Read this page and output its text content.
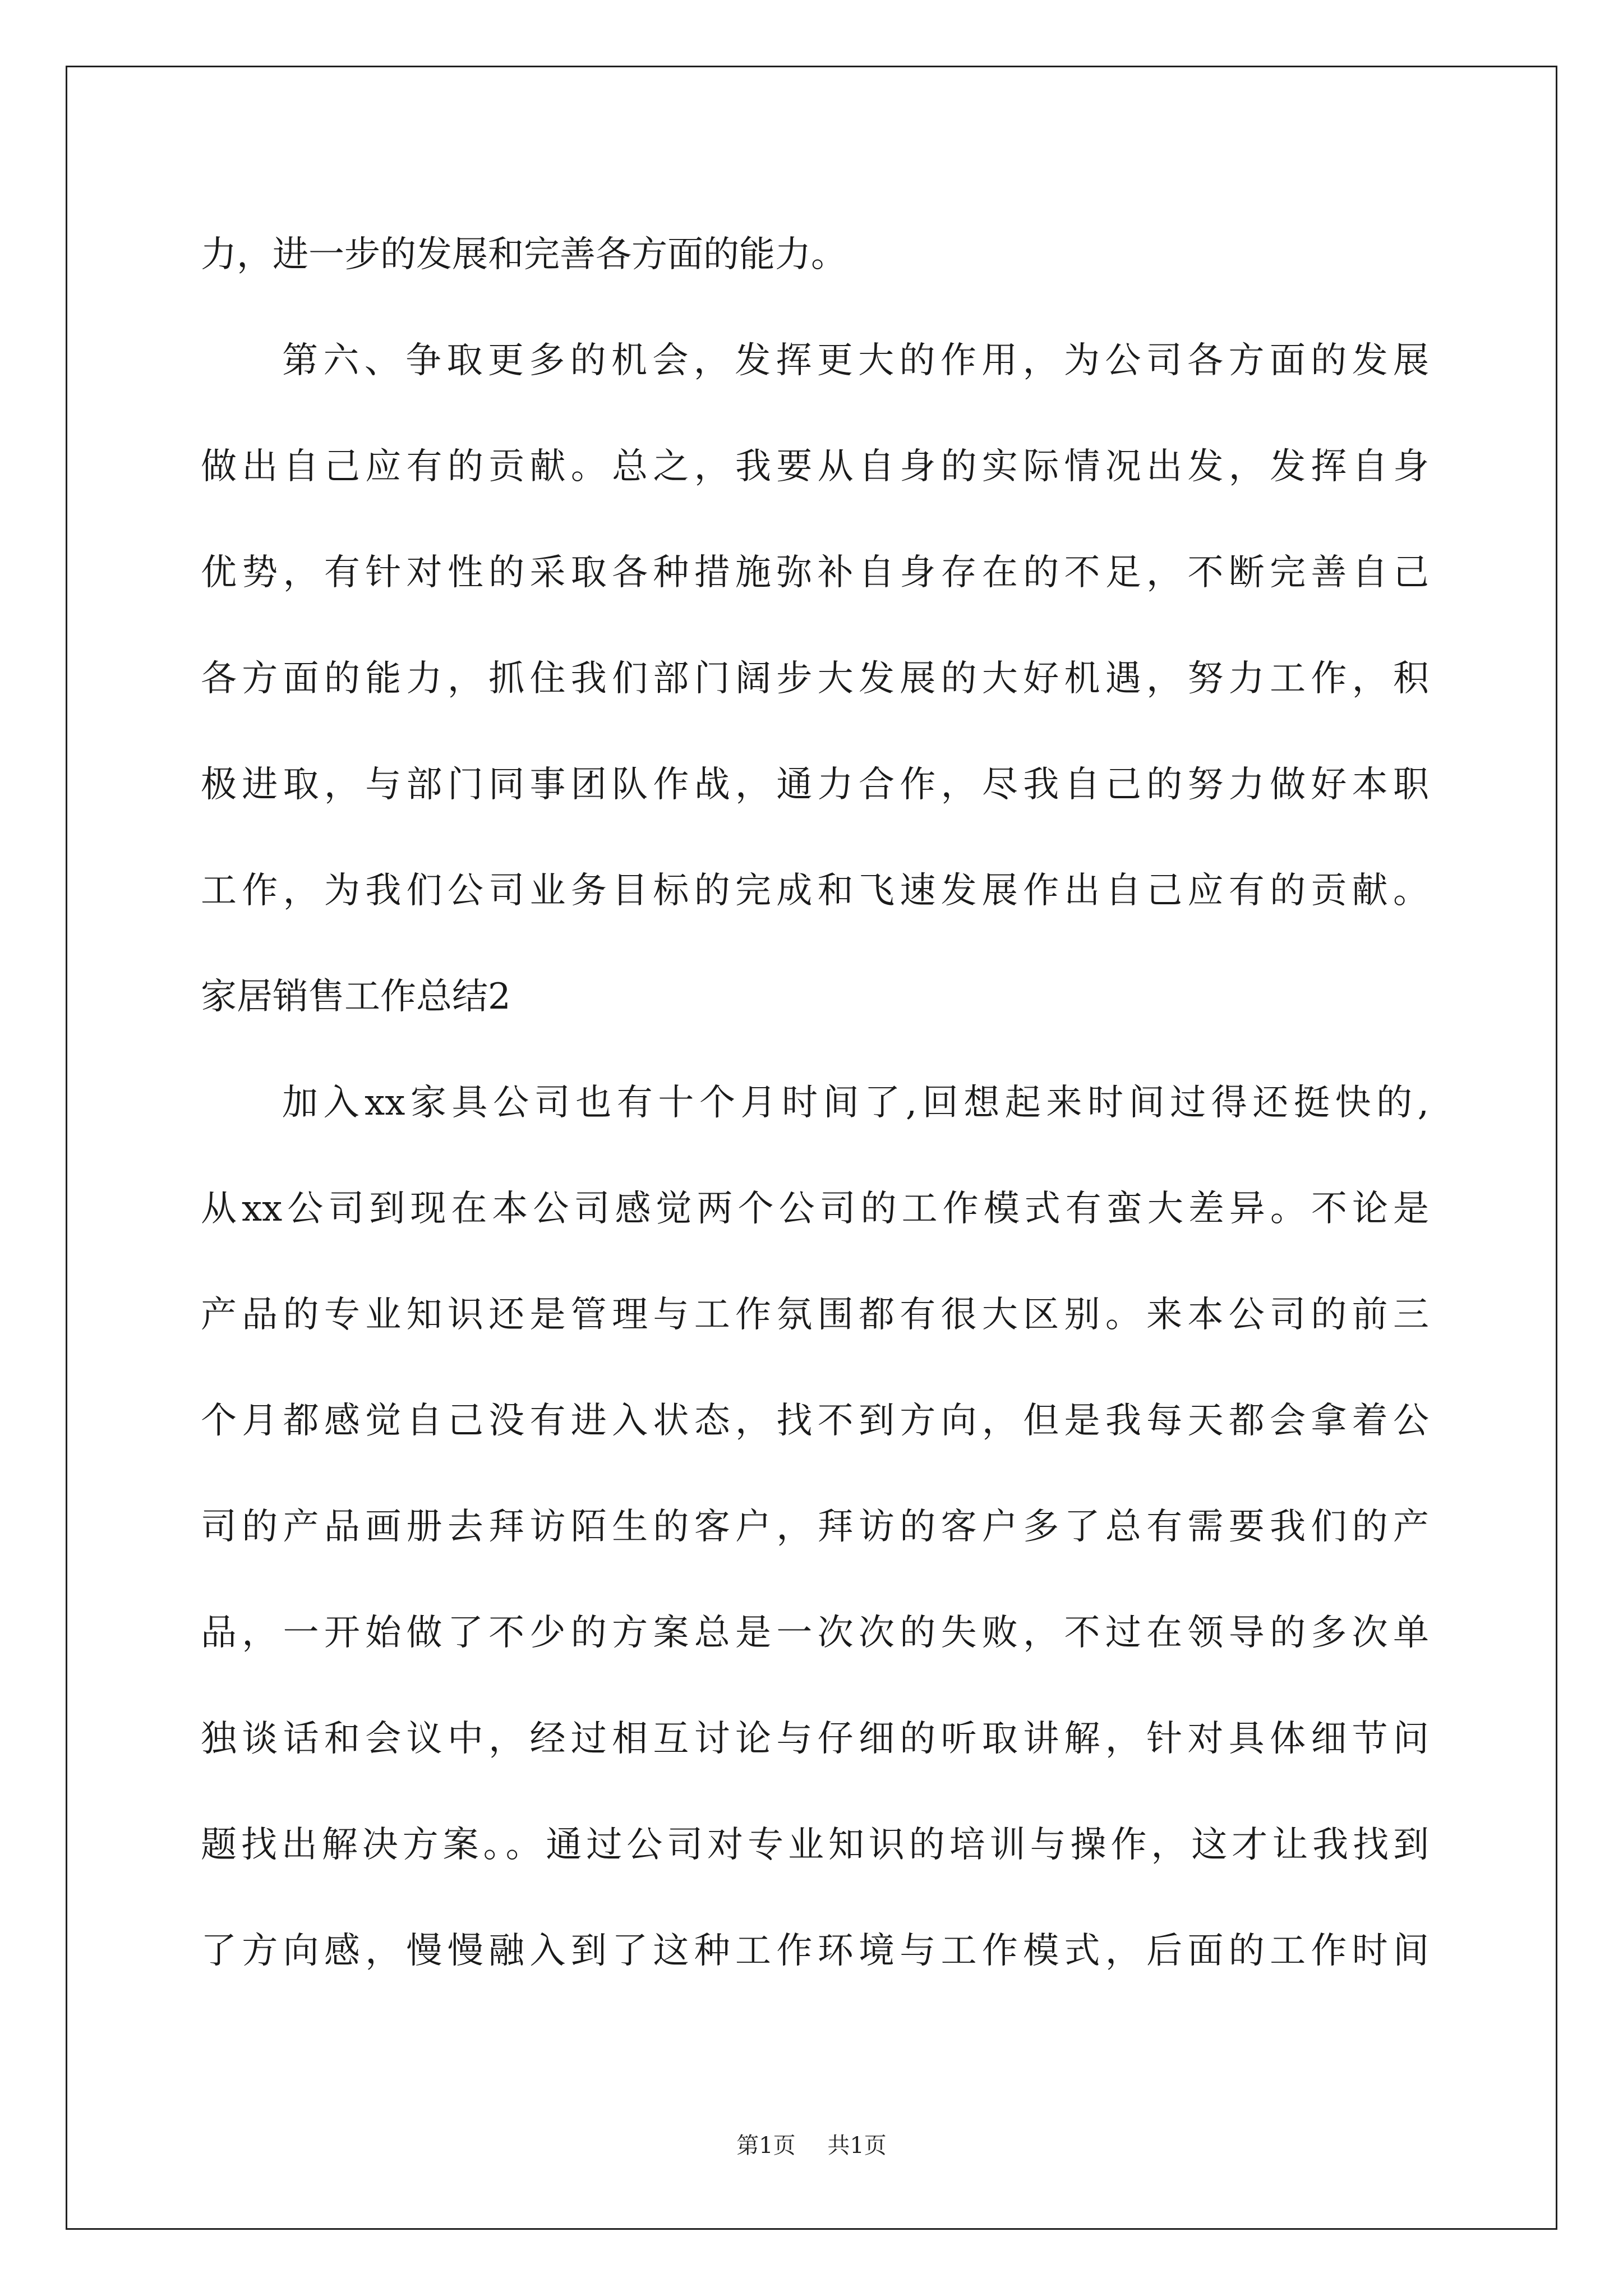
力，进一步的发展和完善各方面的能力。
第六、争取更多的机会，发挥更大的作用，为公司各方面的发展
做出自己应有的贡献。总之，我要从自身的实际情况出发，发挥自身
优势，有针对性的采取各种措施弥补自身存在的不足，不断完善自己
各方面的能力，抓住我们部门阔步大发展的大好机遇，努力工作，积
极进取，与部门同事团队作战，通力合作，尽我自己的努力做好本职
工作，为我们公司业务目标的完成和飞速发展作出自己应有的贡献。
家居销售工作总结2
加入xx家具公司也有十个月时间了,回想起来时间过得还挺快的,
从xx公司到现在本公司感觉两个公司的工作模式有蛮大差异。不论是
产品的专业知识还是管理与工作氛围都有很大区别。来本公司的前三
个月都感觉自己没有进入状态，找不到方向，但是我每天都会拿着公
司的产品画册去拜访陌生的客户，拜访的客户多了总有需要我们的产
品，一开始做了不少的方案总是一次次的失败，不过在领导的多次单
独谈话和会议中，经过相互讨论与仔细的听取讲解，针对具体细节问
题找出解决方案。。通过公司对专业知识的培训与操作，这才让我找到
了方向感，慢慢融入到了这种工作环境与工作模式，后面的工作时间
第1页 共1页
